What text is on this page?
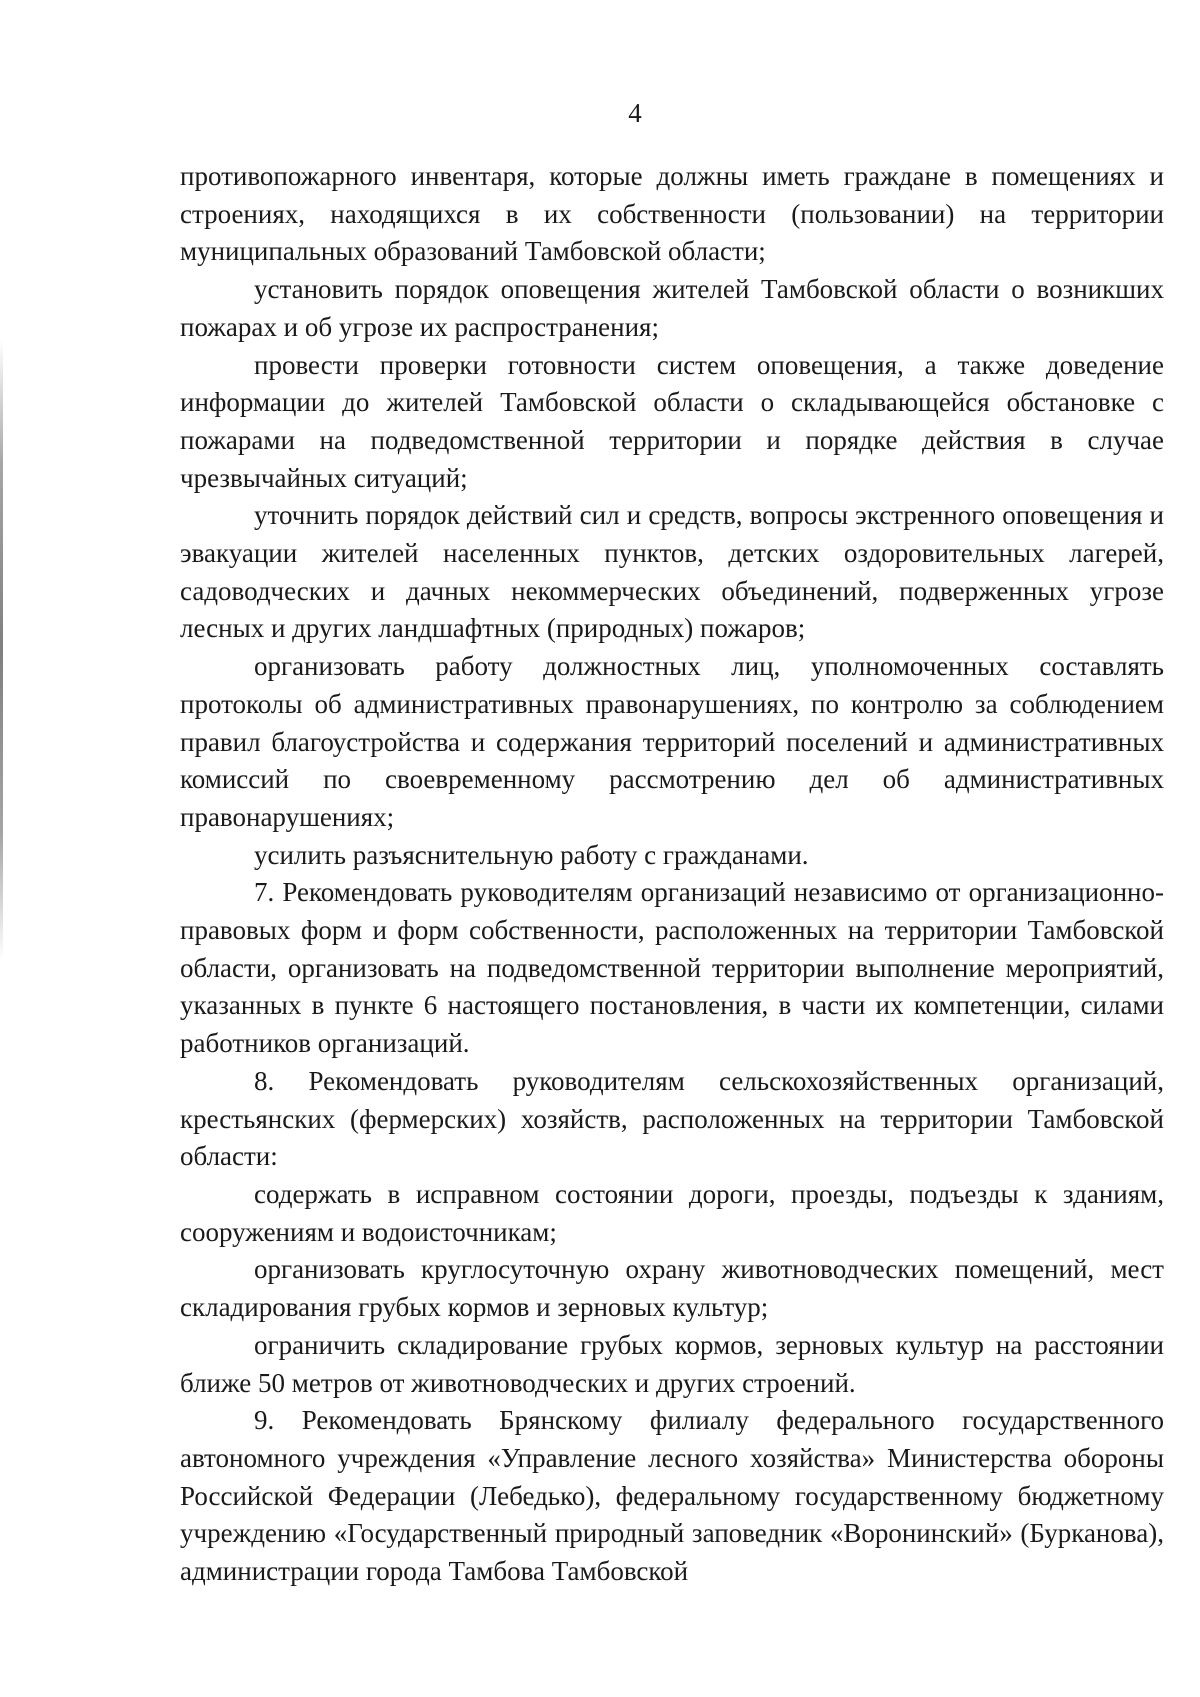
4

противопожарного инвентаря, которые должны иметь граждане в помещениях и строениях, находящихся в их собственности (пользовании) на территории муниципальных образований Тамбовской области;

установить порядок оповещения жителей Тамбовской области о возникших пожарах и об угрозе их распространения;

провести проверки готовности систем оповещения, а также доведение информации до жителей Тамбовской области о складывающейся обстановке с пожарами на подведомственной территории и порядке действия в случае чрезвычайных ситуаций;

уточнить порядок действий сил и средств, вопросы экстренного оповещения и эвакуации жителей населенных пунктов, детских оздоровительных лагерей, садоводческих и дачных некоммерческих объединений, подверженных угрозе лесных и других ландшафтных (природных) пожаров;

организовать работу должностных лиц, уполномоченных составлять протоколы об административных правонарушениях, по контролю за соблюдением правил благоустройства и содержания территорий поселений и административных комиссий по своевременному рассмотрению дел об административных правонарушениях;

усилить разъяснительную работу с гражданами.

7. Рекомендовать руководителям организаций независимо от организационно-правовых форм и форм собственности, расположенных на территории Тамбовской области, организовать на подведомственной территории выполнение мероприятий, указанных в пункте 6 настоящего постановления, в части их компетенции, силами работников организаций.

8. Рекомендовать руководителям сельскохозяйственных организаций, крестьянских (фермерских) хозяйств, расположенных на территории Тамбовской области:

содержать в исправном состоянии дороги, проезды, подъезды к зданиям, сооружениям и водоисточникам;

организовать круглосуточную охрану животноводческих помещений, мест складирования грубых кормов и зерновых культур;

ограничить складирование грубых кормов, зерновых культур на расстоянии ближе 50 метров от животноводческих и других строений.

9. Рекомендовать Брянскому филиалу федерального государственного автономного учреждения «Управление лесного хозяйства» Министерства обороны Российской Федерации (Лебедько), федеральному государственному бюджетному учреждению «Государственный природный заповедник «Воронинский» (Бурканова), администрации города Тамбова Тамбовской
